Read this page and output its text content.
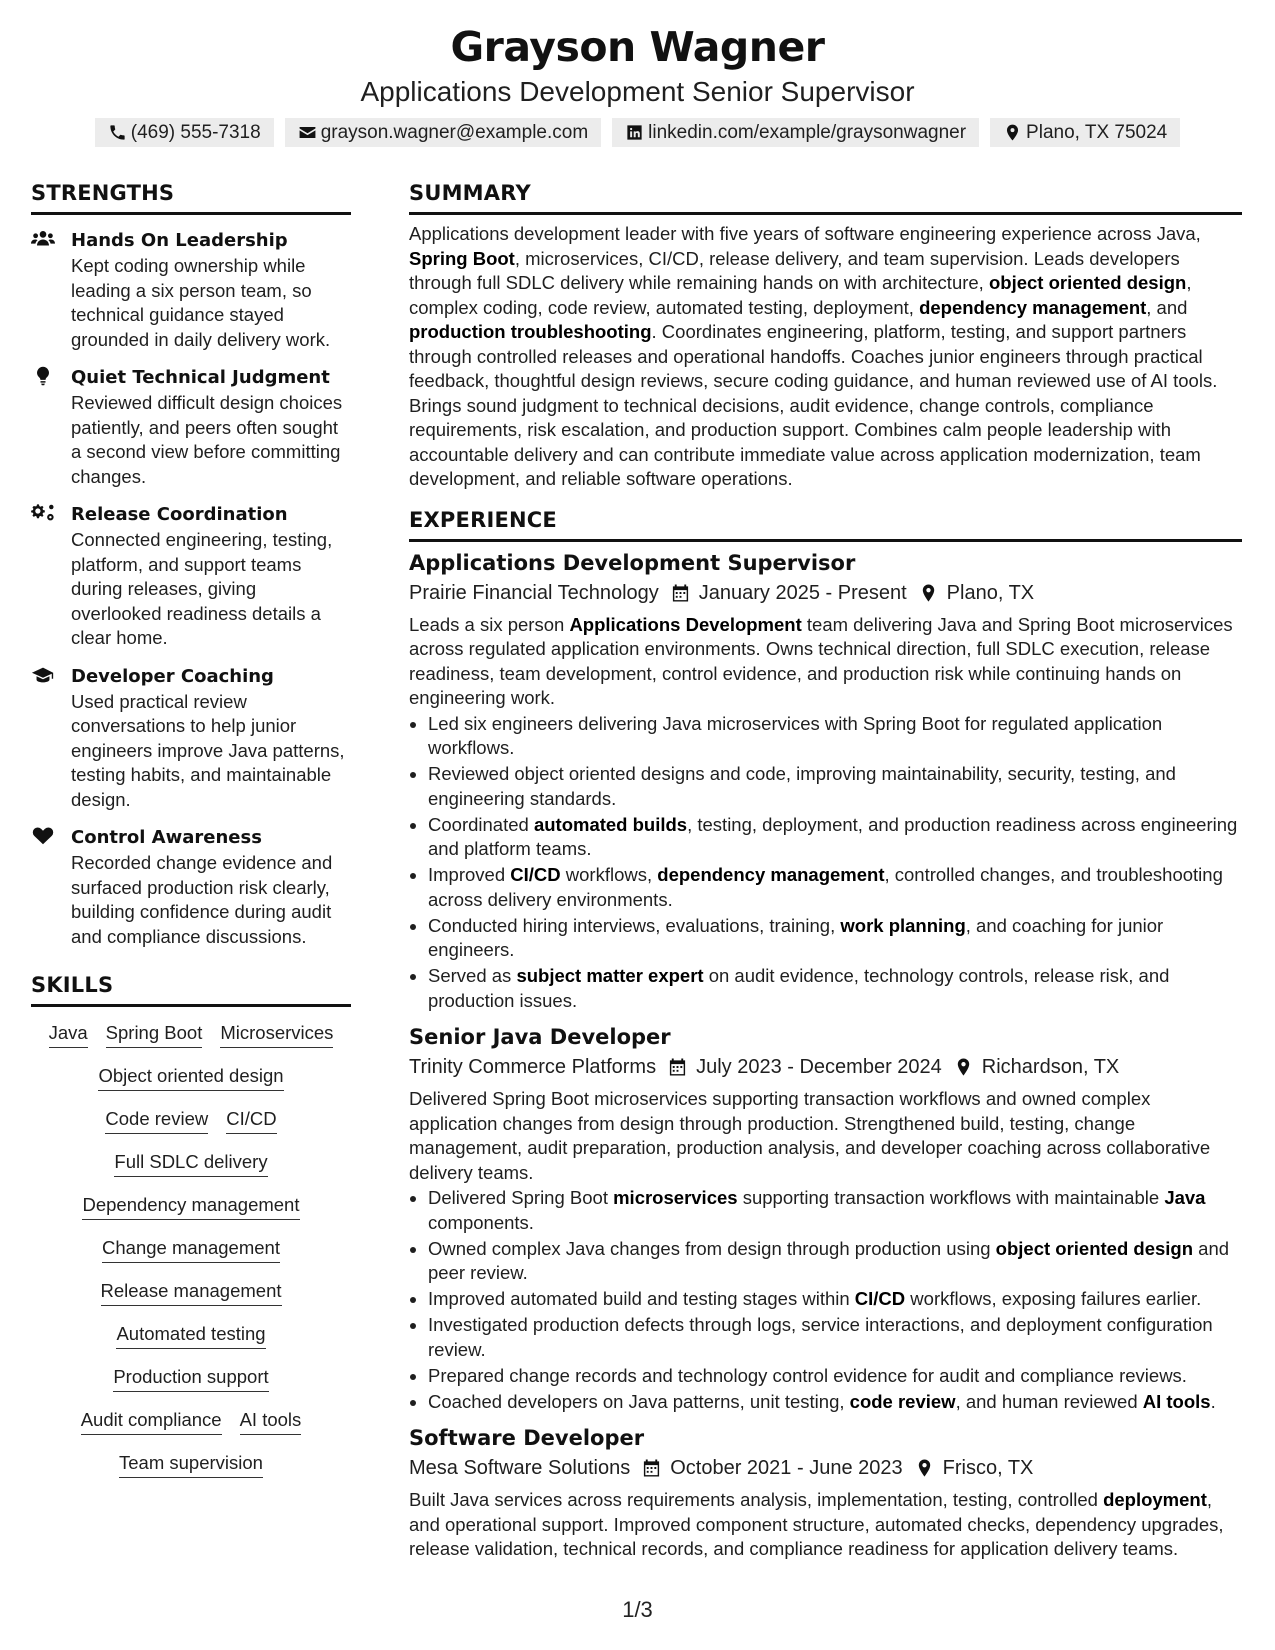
Grayson Wagner
Applications Development Senior Supervisor
(469) 555-7318	grayson.wagner@example.com	linkedin.com/example/graysonwagner	Plano, TX 75024
STRENGTHS
Hands On Leadership
Kept coding ownership while leading a six person team, so technical guidance stayed grounded in daily delivery work.
Quiet Technical Judgment
Reviewed difficult design choices patiently, and peers often sought a second view before committing changes.
Release Coordination
Connected engineering, testing, platform, and support teams during releases, giving overlooked readiness details a clear home.
Developer Coaching
Used practical review conversations to help junior engineers improve Java patterns, testing habits, and maintainable design.
Control Awareness
Recorded change evidence and surfaced production risk clearly, building confidence during audit and compliance discussions.
SKILLS
Java Spring Boot Microservices
Object oriented design
Code review CI/CD
Full SDLC delivery
Dependency management
Change management
Release management
Automated testing
Production support
Audit compliance AI tools
Team supervision
SUMMARY
Applications development leader with five years of software engineering experience across Java, Spring Boot, microservices, CI/CD, release delivery, and team supervision. Leads developers through full SDLC delivery while remaining hands on with architecture, object oriented design, complex coding, code review, automated testing, deployment, dependency management, and production troubleshooting. Coordinates engineering, platform, testing, and support partners through controlled releases and operational handoffs. Coaches junior engineers through practical feedback, thoughtful design reviews, secure coding guidance, and human reviewed use of AI tools. Brings sound judgment to technical decisions, audit evidence, change controls, compliance requirements, risk escalation, and production support. Combines calm people leadership with accountable delivery and can contribute immediate value across application modernization, team development, and reliable software operations.
EXPERIENCE
Applications Development Supervisor
Prairie Financial Technology January 2025 - Present Plano, TX

Leads a six person Applications Development team delivering Java and Spring Boot microservices across regulated application environments. Owns technical direction, full SDLC execution, release readiness, team development, control evidence, and production risk while continuing hands on engineering work.

• Led six engineers delivering Java microservices with Spring Boot for regulated application workflows.
• Reviewed object oriented designs and code, improving maintainability, security, testing, and engineering standards.
• Coordinated automated builds, testing, deployment, and production readiness across engineering and platform teams.
• Improved CI/CD workflows, dependency management, controlled changes, and troubleshooting across delivery environments.
• Conducted hiring interviews, evaluations, training, work planning, and coaching for junior engineers.
• Served as subject matter expert on audit evidence, technology controls, release risk, and production issues.
Senior Java Developer
Trinity Commerce Platforms July 2023 - December 2024 Richardson, TX

Delivered Spring Boot microservices supporting transaction workflows and owned complex application changes from design through production. Strengthened build, testing, change management, audit preparation, production analysis, and developer coaching across collaborative delivery teams.

• Delivered Spring Boot microservices supporting transaction workflows with maintainable Java components.
• Owned complex Java changes from design through production using object oriented design and peer review.
• Improved automated build and testing stages within CI/CD workflows, exposing failures earlier.
• Investigated production defects through logs, service interactions, and deployment configuration review.
• Prepared change records and technology control evidence for audit and compliance reviews.
• Coached developers on Java patterns, unit testing, code review, and human reviewed AI tools.
Software Developer
Mesa Software Solutions October 2021 - June 2023 Frisco, TX

Built Java services across requirements analysis, implementation, testing, controlled deployment, and operational support. Improved component structure, automated checks, dependency upgrades, release validation, technical records, and compliance readiness for application delivery teams.

1/3
